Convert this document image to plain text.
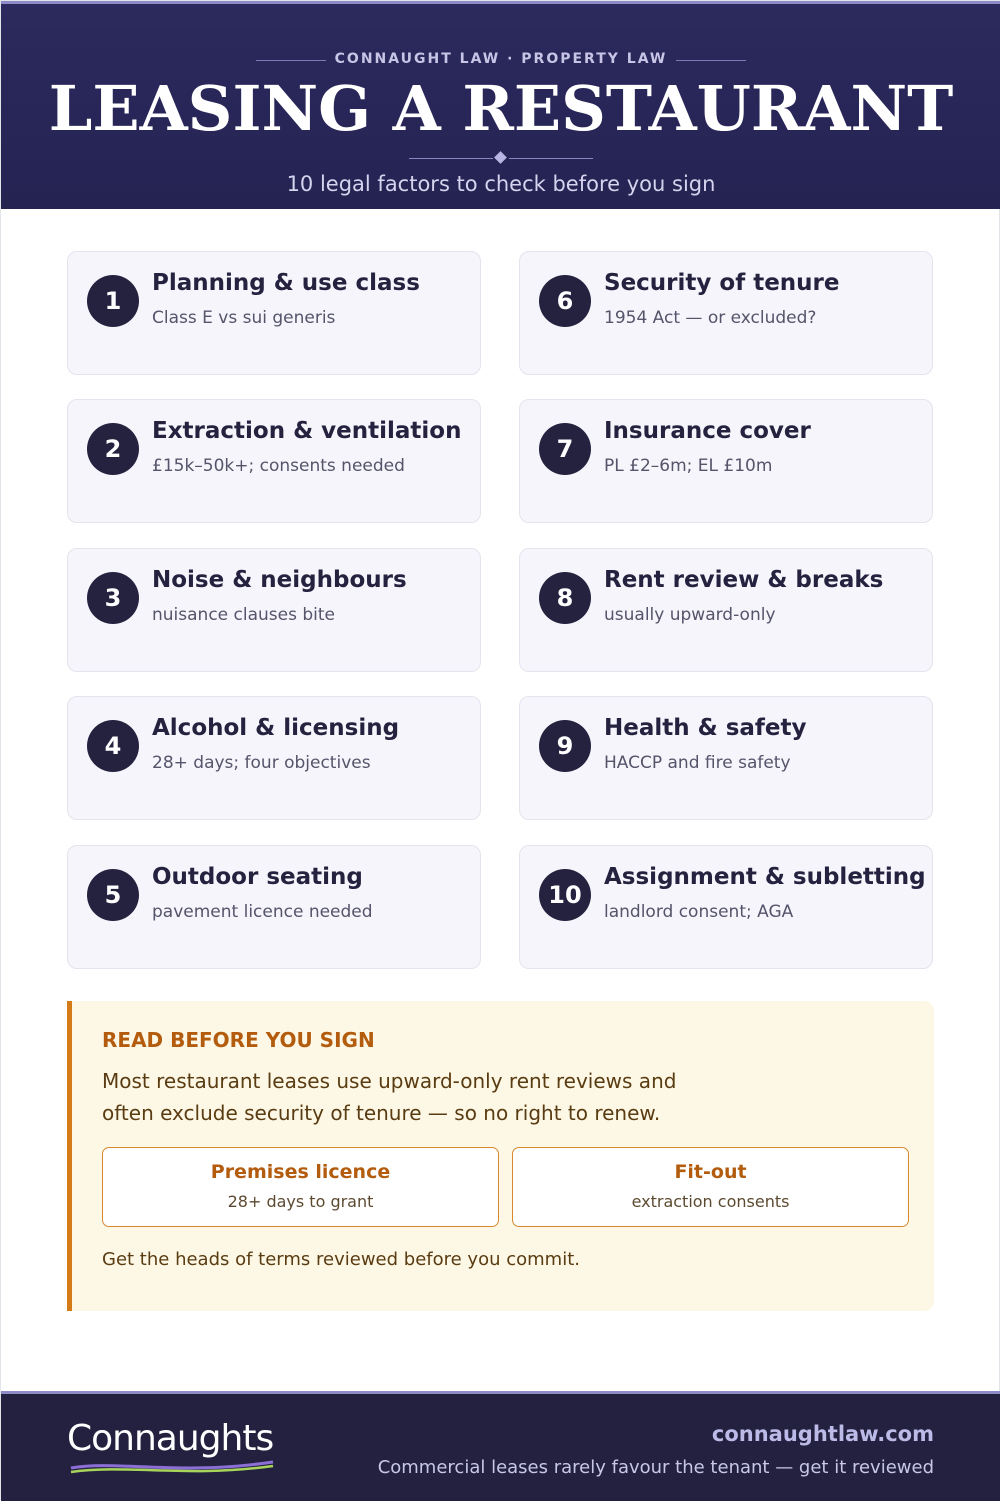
CONNAUGHT LAW · PROPERTY LAW
LEASING A RESTAURANT
10 legal factors to check before you sign
1
Planning & use class
Class E vs sui generis
2
Extraction & ventilation
£15k–50k+; consents needed
3
Noise & neighbours
nuisance clauses bite
4
Alcohol & licensing
28+ days; four objectives
5
Outdoor seating
pavement licence needed
6
Security of tenure
1954 Act — or excluded?
7
Insurance cover
PL £2–6m; EL £10m
8
Rent review & breaks
usually upward-only
9
Health & safety
HACCP and fire safety
10
Assignment & subletting
landlord consent; AGA
READ BEFORE YOU SIGN
Most restaurant leases use upward-only rent reviews and often exclude security of tenure — so no right to renew.
Premises licence
28+ days to grant
Fit-out
extraction consents
Get the heads of terms reviewed before you commit.
Connaughts	connaughtlaw.com
Commercial leases rarely favour the tenant — get it reviewed
